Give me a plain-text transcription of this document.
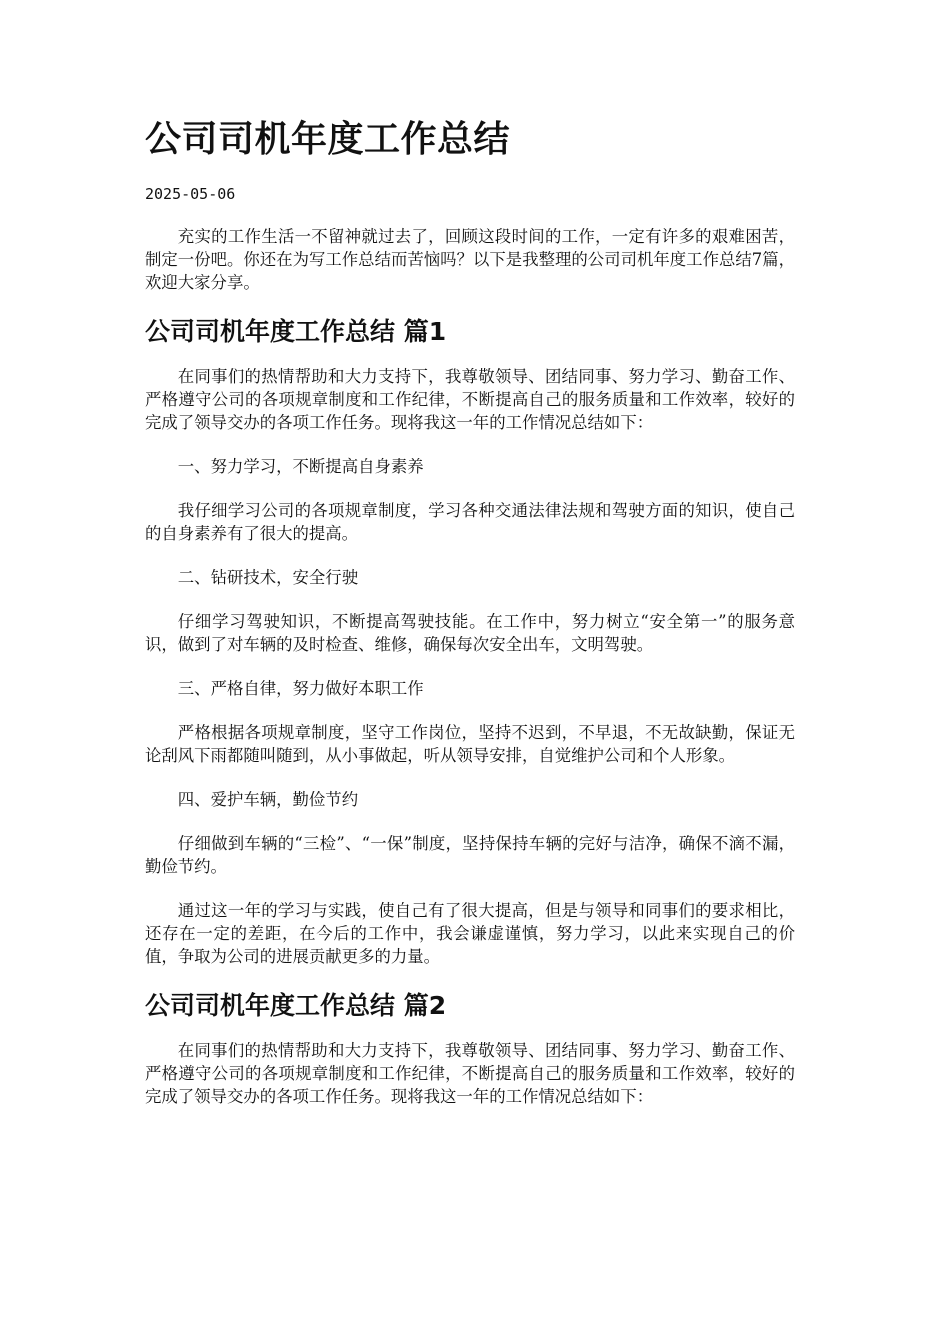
公司司机年度工作总结
2025-05-06

充实的工作生活一不留神就过去了，回顾这段时间的工作，一定有许多的艰难困苦，制定一份吧。你还在为写工作总结而苦恼吗？以下是我整理的公司司机年度工作总结7篇，欢迎大家分享。

公司司机年度工作总结 篇1

在同事们的热情帮助和大力支持下，我尊敬领导、团结同事、努力学习、勤奋工作、严格遵守公司的各项规章制度和工作纪律，不断提高自己的服务质量和工作效率，较好的完成了领导交办的各项工作任务。现将我这一年的工作情况总结如下：

一、努力学习，不断提高自身素养

我仔细学习公司的各项规章制度，学习各种交通法律法规和驾驶方面的知识，使自己的自身素养有了很大的提高。

二、钻研技术，安全行驶

仔细学习驾驶知识，不断提高驾驶技能。在工作中，努力树立“安全第一”的服务意识，做到了对车辆的及时检查、维修，确保每次安全出车，文明驾驶。

三、严格自律，努力做好本职工作

严格根据各项规章制度，坚守工作岗位，坚持不迟到，不早退，不无故缺勤，保证无论刮风下雨都随叫随到，从小事做起，听从领导安排，自觉维护公司和个人形象。

四、爱护车辆，勤俭节约

仔细做到车辆的“三检”、“一保”制度，坚持保持车辆的完好与洁净，确保不滴不漏，勤俭节约。

通过这一年的学习与实践，使自己有了很大提高，但是与领导和同事们的要求相比，还存在一定的差距，在今后的工作中，我会谦虚谨慎，努力学习，以此来实现自己的价值，争取为公司的进展贡献更多的力量。

公司司机年度工作总结 篇2

在同事们的热情帮助和大力支持下，我尊敬领导、团结同事、努力学习、勤奋工作、严格遵守公司的各项规章制度和工作纪律，不断提高自己的服务质量和工作效率，较好的完成了领导交办的各项工作任务。现将我这一年的工作情况总结如下：
